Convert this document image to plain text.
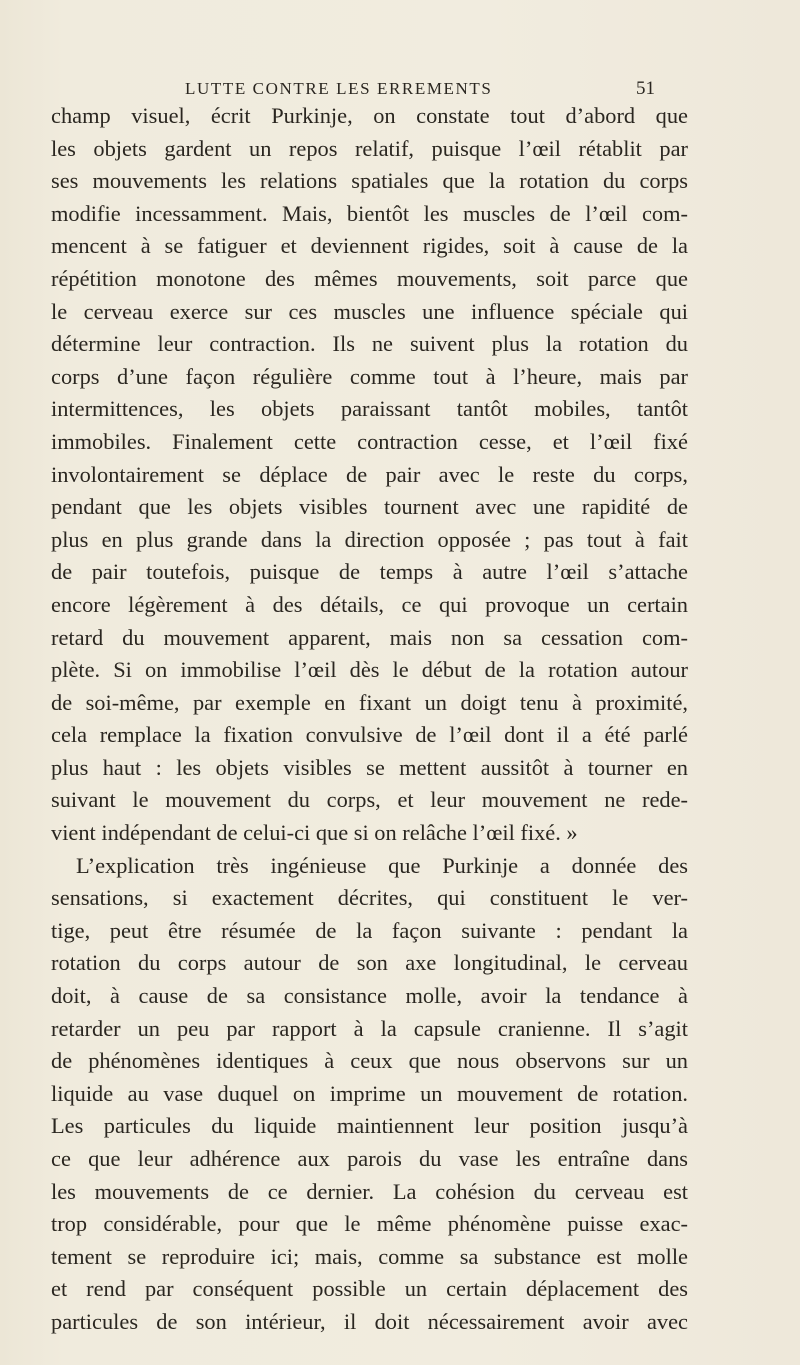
LUTTE CONTRE LES ERREMENTS	51
champ visuel, écrit Purkinje, on constate tout d’abord que
les objets gardent un repos relatif, puisque l’œil rétablit par
ses mouvements les relations spatiales que la rotation du corps
modifie incessamment. Mais, bientôt les muscles de l’œil com-
mencent à se fatiguer et deviennent rigides, soit à cause de la
répétition monotone des mêmes mouvements, soit parce que
le cerveau exerce sur ces muscles une influence spéciale qui
détermine leur contraction. Ils ne suivent plus la rotation du
corps d’une façon régulière comme tout à l’heure, mais par
intermittences, les objets paraissant tantôt mobiles, tantôt
immobiles. Finalement cette contraction cesse, et l’œil fixé
involontairement se déplace de pair avec le reste du corps,
pendant que les objets visibles tournent avec une rapidité de
plus en plus grande dans la direction opposée ; pas tout à fait
de pair toutefois, puisque de temps à autre l’œil s’attache
encore légèrement à des détails, ce qui provoque un certain
retard du mouvement apparent, mais non sa cessation com-
plète. Si on immobilise l’œil dès le début de la rotation autour
de soi-même, par exemple en fixant un doigt tenu à proximité,
cela remplace la fixation convulsive de l’œil dont il a été parlé
plus haut : les objets visibles se mettent aussitôt à tourner en
suivant le mouvement du corps, et leur mouvement ne rede-
vient indépendant de celui-ci que si on relâche l’œil fixé. »
L’explication très ingénieuse que Purkinje a donnée des
sensations, si exactement décrites, qui constituent le ver-
tige, peut être résumée de la façon suivante : pendant la
rotation du corps autour de son axe longitudinal, le cerveau
doit, à cause de sa consistance molle, avoir la tendance à
retarder un peu par rapport à la capsule cranienne. Il s’agit
de phénomènes identiques à ceux que nous observons sur un
liquide au vase duquel on imprime un mouvement de rotation.
Les particules du liquide maintiennent leur position jusqu’à
ce que leur adhérence aux parois du vase les entraîne dans
les mouvements de ce dernier. La cohésion du cerveau est
trop considérable, pour que le même phénomène puisse exac-
tement se reproduire ici; mais, comme sa substance est molle
et rend par conséquent possible un certain déplacement des
particules de son intérieur, il doit nécessairement avoir avec
